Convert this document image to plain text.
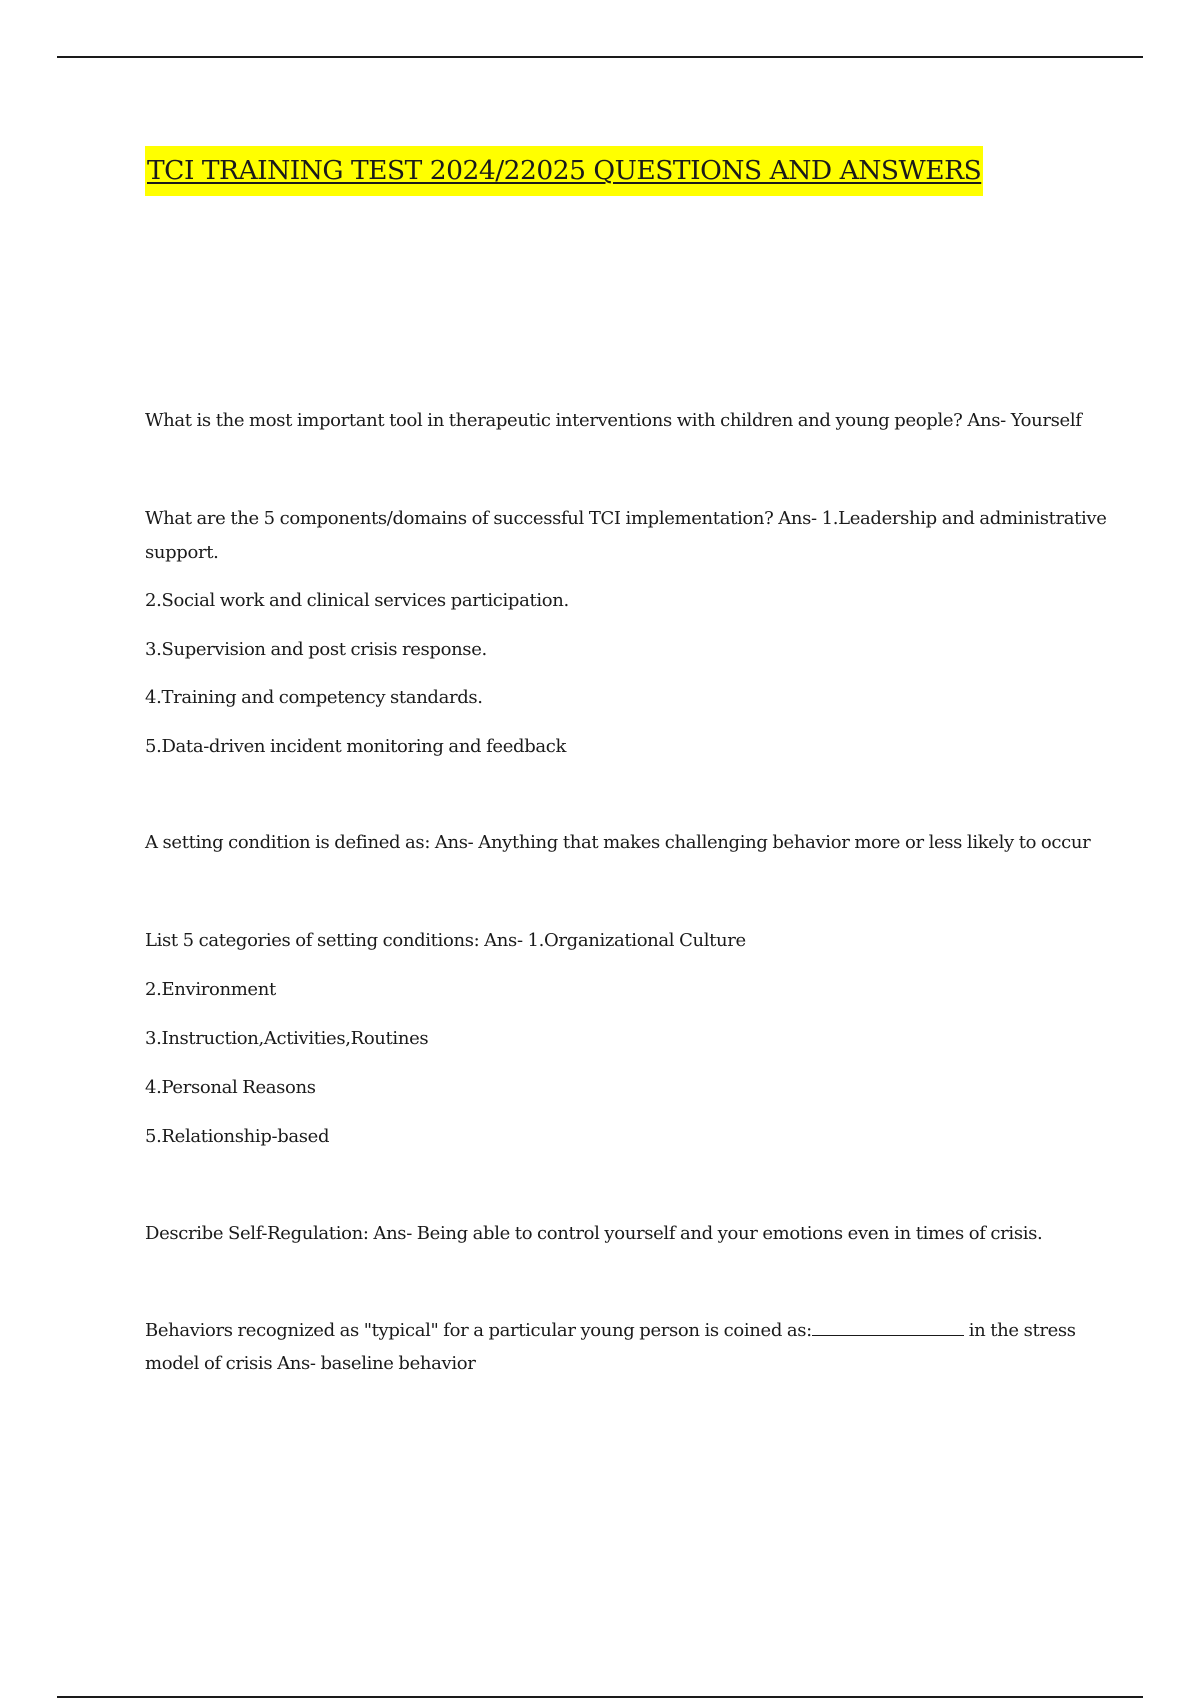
TCI TRAINING TEST 2024/22025 QUESTIONS AND ANSWERS
What is the most important tool in therapeutic interventions with children and young people? Ans- Yourself
What are the 5 components/domains of successful TCI implementation? Ans- 1.Leadership and administrative
support.
2.Social work and clinical services participation.
3.Supervision and post crisis response.
4.Training and competency standards.
5.Data-driven incident monitoring and feedback
A setting condition is defined as: Ans- Anything that makes challenging behavior more or less likely to occur
List 5 categories of setting conditions: Ans- 1.Organizational Culture
2.Environment
3.Instruction,Activities,Routines
4.Personal Reasons
5.Relationship-based
Describe Self-Regulation: Ans- Being able to control yourself and your emotions even in times of crisis.
Behaviors recognized as "typical" for a particular young person is coined as:	in the stress
model of crisis Ans- baseline behavior
